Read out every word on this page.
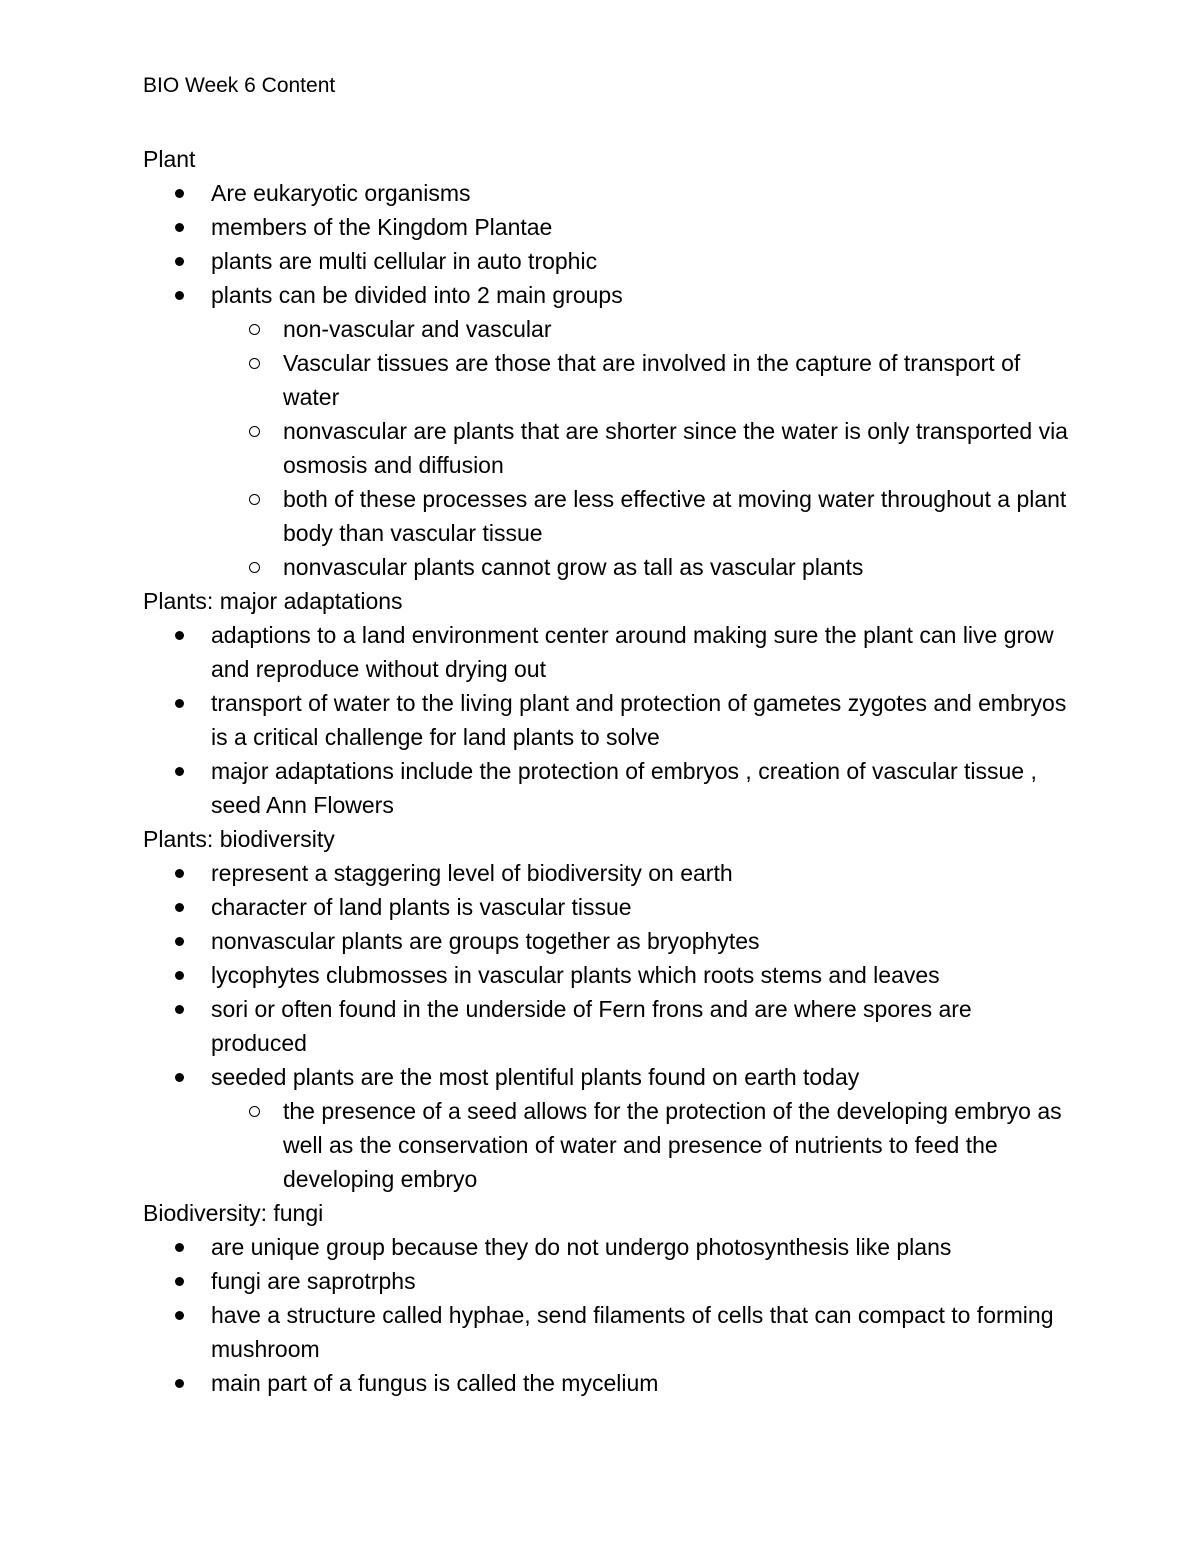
BIO Week 6 Content
Plant
Are eukaryotic organisms
members of the Kingdom Plantae
plants are multi cellular in auto trophic
plants can be divided into 2 main groups
non-vascular and vascular
Vascular tissues are those that are involved in the capture of transport of water
nonvascular are plants that are shorter since the water is only transported via osmosis and diffusion
both of these processes are less effective at moving water throughout a plant body than vascular tissue
nonvascular plants cannot grow as tall as vascular plants
Plants: major adaptations
adaptions to a land environment center around making sure the plant can live grow and reproduce without drying out
transport of water to the living plant and protection of gametes zygotes and embryos is a critical challenge for land plants to solve
major adaptations include the protection of embryos , creation of vascular tissue , seed Ann Flowers
Plants: biodiversity
represent a staggering level of biodiversity on earth
character of land plants is vascular tissue
nonvascular plants are groups together as bryophytes
lycophytes clubmosses in vascular plants which roots stems and leaves
sori or often found in the underside of Fern frons and are where spores are produced
seeded plants are the most plentiful plants found on earth today
the presence of a seed allows for the protection of the developing embryo as well as the conservation of water and presence of nutrients to feed the developing embryo
Biodiversity: fungi
are unique group because they do not undergo photosynthesis like plans
fungi are saprotrphs
have a structure called hyphae, send filaments of cells that can compact to forming mushroom
main part of a fungus is called the mycelium
